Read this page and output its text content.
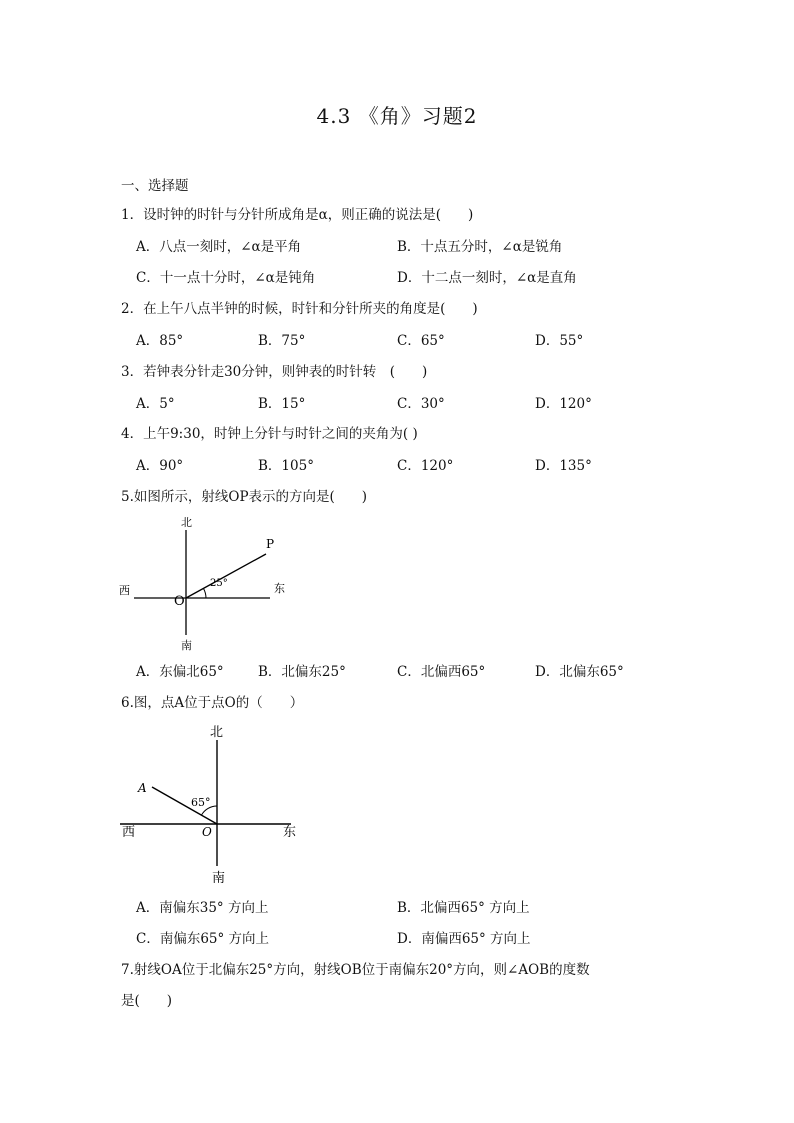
4.3 《角》习题2
一、选择题
1．设时钟的时针与分针所成角是α，则正确的说法是(　　)
A．八点一刻时，∠α是平角	B．十点五分时，∠α是锐角
C．十一点十分时，∠α是钝角	D．十二点一刻时，∠α是直角
2．在上午八点半钟的时候，时针和分针所夹的角度是(　　)
A．85°	B．75°	C．65°	D．55°
3．若钟表分针走30分钟，则钟表的时针转　(　　)
A．5°	B．15°	C．30°	D．120°
4．上午9:30，时钟上分针与时针之间的夹角为( )
A．90°	B．105°	C．120°	D．135°
5.如图所示，射线OP表示的方向是(　　)
北
南
西	东
O
P
25°
A．东偏北65°	B．北偏东25°	C．北偏西65°	D．北偏东65°
6.图，点A位于点O的（　　）
北
南
西	东
O
A
65°
A．南偏东35° 方向上	B．北偏西65° 方向上
C．南偏东65° 方向上	D．南偏西65° 方向上
7.射线OA位于北偏东25°方向，射线OB位于南偏东20°方向，则∠AOB的度数
是(　　)
